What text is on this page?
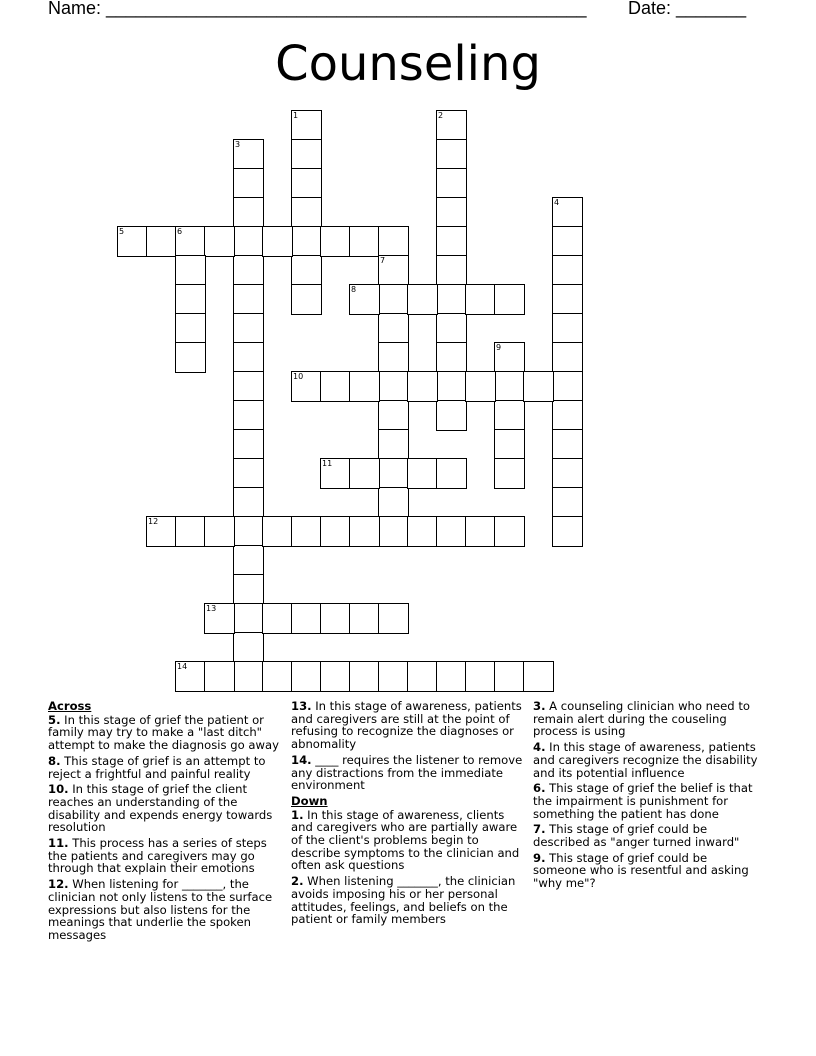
Name: ________________________________________________ Date: _______
Counseling
1	2
3
4
5	6
7
8
9
10
11
12
13
14
Across
5. In this stage of grief the patient or family may try to make a "last ditch" attempt to make the diagnosis go away
8. This stage of grief is an attempt to reject a frightful and painful reality
10. In this stage of grief the client reaches an understanding of the disability and expends energy towards resolution
11. This process has a series of steps the patients and caregivers may go through that explain their emotions
12. When listening for _______, the clinician not only listens to the surface expressions but also listens for the meanings that underlie the spoken messages
13. In this stage of awareness, patients and caregivers are still at the point of refusing to recognize the diagnoses or abnomality
14. ____ requires the listener to remove any distractions from the immediate environment
Down
1. In this stage of awareness, clients and caregivers who are partially aware of the client's problems begin to describe symptoms to the clinician and often ask questions
2. When listening _______, the clinician avoids imposing his or her personal attitudes, feelings, and beliefs on the patient or family members
3. A counseling clinician who need to remain alert during the couseling process is using
4. In this stage of awareness, patients and caregivers recognize the disability and its potential influence
6. This stage of grief the belief is that the impairment is punishment for something the patient has done
7. This stage of grief could be described as "anger turned inward"
9. This stage of grief could be someone who is resentful and asking "why me"?
